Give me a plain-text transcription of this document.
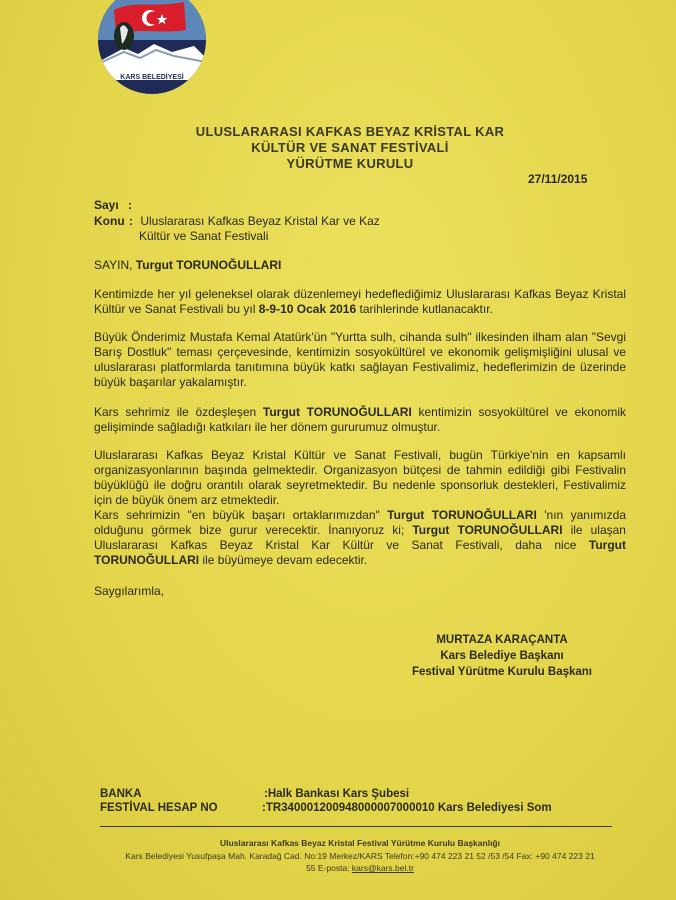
KARS BELEDİYESİ
ULUSLARARASI KAFKAS BEYAZ KRİSTAL KAR
KÜLTÜR VE SANAT FESTİVALİ
YÜRÜTME KURULU
27/11/2015
Sayı :
Konu : Uluslararası Kafkas Beyaz Kristal Kar ve Kaz
Kültür ve Sanat Festivali
SAYIN, Turgut TORUNOĞULLARI
Kentimizde her yıl geleneksel olarak düzenlemeyi hedeflediğimiz Uluslararası Kafkas Beyaz Kristal Kültür ve Sanat Festivali bu yıl 8-9-10 Ocak 2016 tarihlerinde kutlanacaktır.
Büyük Önderimiz Mustafa Kemal Atatürk'ün "Yurtta sulh, cihanda sulh" ilkesinden ilham alan "Sevgi Barış Dostluk" teması çerçevesinde, kentimizin sosyokültürel ve ekonomik gelişmişliğini ulusal ve uluslararası platformlarda tanıtımına büyük katkı sağlayan Festivalimiz, hedeflerimizin de üzerinde büyük başarılar yakalamıştır.
Kars sehrimiz ile özdeşleşen Turgut TORUNOĞULLARI kentimizin sosyokültürel ve ekonomik gelişiminde sağladığı katkıları ile her dönem gururumuz olmuştur.
Uluslararası Kafkas Beyaz Kristal Kültür ve Sanat Festivali, bugün Türkiye'nin en kapsamlı organizasyonlarının başında gelmektedir. Organizasyon bütçesi de tahmin edildiği gibi Festivalin büyüklüğü ile doğru orantılı olarak seyretmektedir. Bu nedenle sponsorluk destekleri, Festivalimiz için de büyük önem arz etmektedir.
Kars sehrimizin "en büyük başarı ortaklarımızdan" Turgut TORUNOĞULLARI 'nın yanımızda olduğunu görmek bize gurur verecektir. İnanıyoruz ki; Turgut TORUNOĞULLARI ile ulaşan Uluslararası Kafkas Beyaz Kristal Kar Kültür ve Sanat Festivali, daha nice Turgut TORUNOĞULLARI ile büyümeye devam edecektir.
Saygılarımla,
MURTAZA KARAÇANTA
Kars Belediye Başkanı
Festival Yürütme Kurulu Başkanı
BANKA	:Halk Bankası Kars Şubesi
FESTİVAL HESAP NO	:TR340001200948000007000010 Kars Belediyesi Som
Uluslararası Kafkas Beyaz Kristal Festival Yürütme Kurulu Başkanlığı
Kars Belediyesi Yusufpaşa Mah. Karadağ Cad. No:19 Merkez/KARS Telefon:+90 474 223 21 52 /53 /54 Fax: +90 474 223 21
55 E-posta: kars@kars.bel.tr
